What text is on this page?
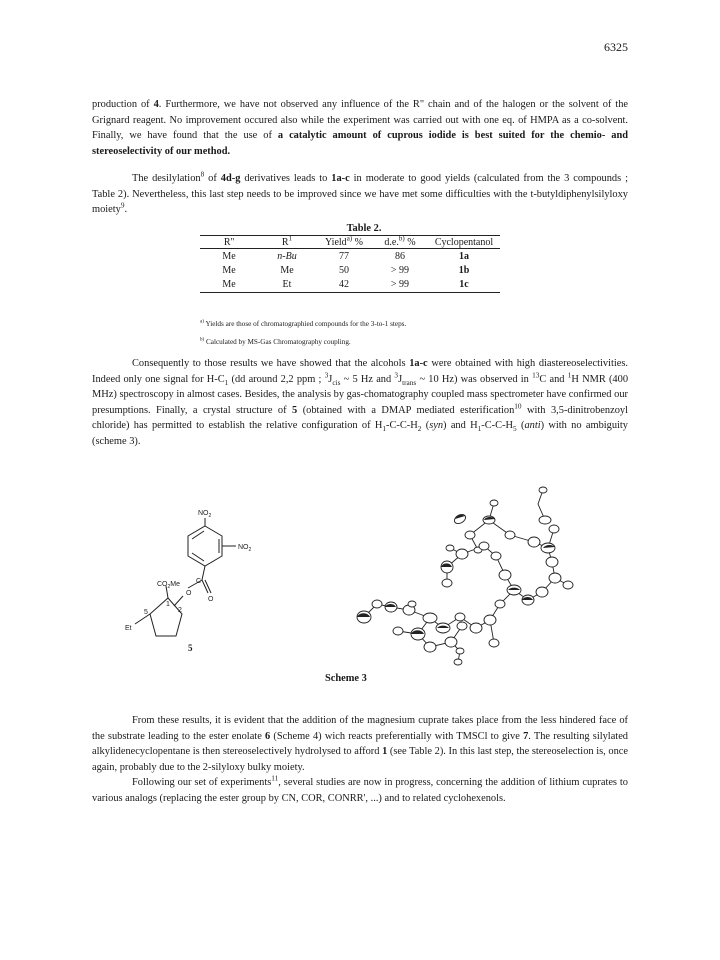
6325

production of 4. Furthermore, we have not observed any influence of the R" chain and of the halogen or the solvent of the Grignard reagent. No improvement occured also while the experiment was carried out with one eq. of HMPA as a co-solvent. Finally, we have found that the use of a catalytic amount of cuprous iodide is best suited for the chemio- and stereoselectivity of our method.

The desilylation$^8$ of 4d-g derivatives leads to 1a-c in moderate to good yields (calculated from the 3 compounds ; Table 2). Nevertheless, this last step needs to be improved since we have met some difficulties with the t-butyldiphenylsilyloxy moiety$^9$.

Table 2.
R''	$R^1$	Yield$^{a)}$ %	d.e.$^{b)}$ %	Cyclopentanol
Me	n-Bu	77	86	1a
Me	Me	50	> 99	1b
Me	Et	42	> 99	1c
$^{a)}$ Yields are those of chromatographied compounds for the 3-to-1 steps.
$^{b)}$ Calculated by MS-Gas Chromatography coupling.

Consequently to those results we have showed that the alcohols 1a-c were obtained with high diastereoselectivities. Indeed only one signal for $H-C_1$ (dd around 2,2 ppm ; $^3J_{cis}$ ~ 5 Hz and $^3J_{trans}$ ~ 10 Hz) was observed in $^{13}$C and $^1$H NMR (400 MHz) spectroscopy in almost cases. Besides, the analysis by gas-chomatography coupled mass spectrometer have confirmed our presumptions. Finally, a crystal structure of 5 (obtained with a DMAP mediated esterification$^{10}$ with 3,5-dinitrobenzoyl chloride) has permitted to establish the relative configuration of $H_1-C-C-H_2$ (syn) and $H_1-C-C-H_5$ (anti) with no ambiguity (scheme 3).

$NO_2$
$NO_2$
C
O
O
$CO_2Me$
1
2
5
Et
5
Scheme 3

From these results, it is evident that the addition of the magnesium cuprate takes place from the less hindered face of the substrate leading to the ester enolate 6 (Scheme 4) wich reacts preferentially with TMSCl to give 7. The resulting silylated alkylidenecyclopentane is then stereoselectively hydrolysed to afford 1 (see Table 2). In this last step, the stereoselection is, once again, probably due to the 2-silyloxy bulky moiety.

Following our set of experiments$^{11}$, several studies are now in progress, concerning the addition of lithium cuprates to various analogs (replacing the ester group by CN, COR, CONRR', ...) and to related cyclohexenols.
